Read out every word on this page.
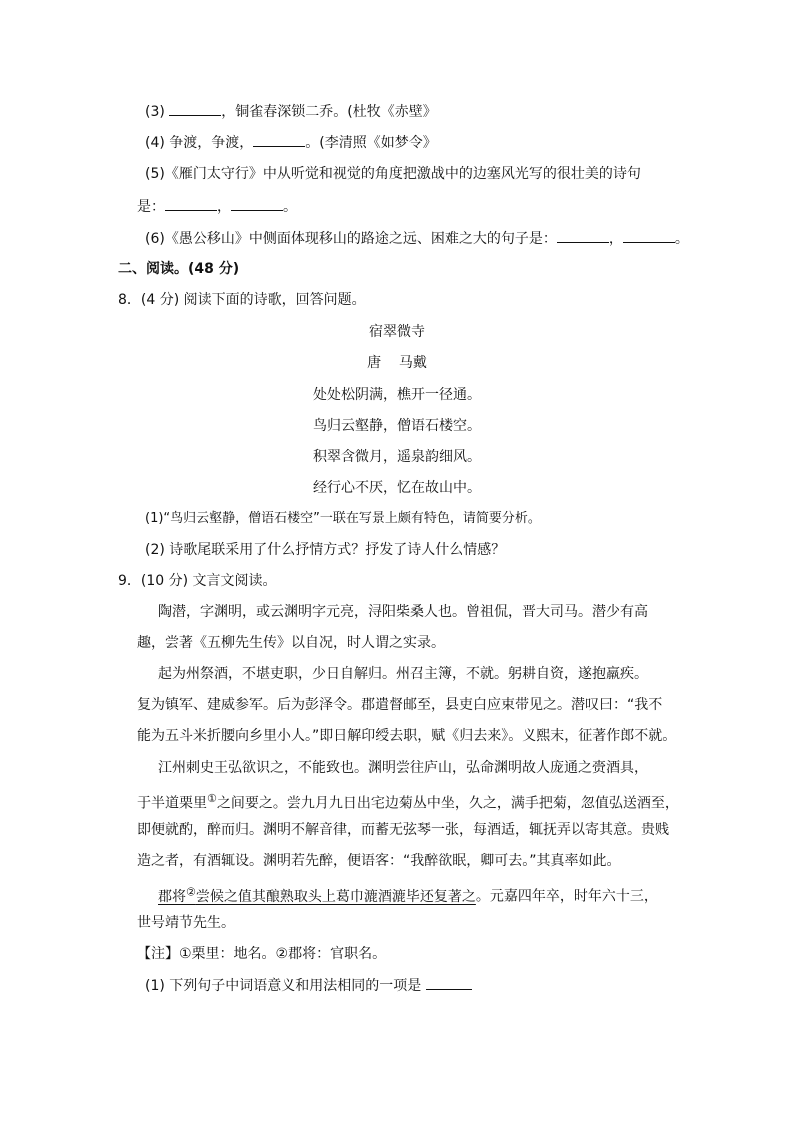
(3)	，铜雀春深锁二乔。(杜牧《赤壁》
(4) 争渡，争渡，	。(李清照《如梦令》
(5)《雁门太守行》中从听觉和视觉的角度把激战中的边塞风光写的很壮美的诗句
是：	，	。
(6)《愚公移山》中侧面体现移山的路途之远、困难之大的句子是：	，	。
二、阅读。(48 分)
8．(4 分) 阅读下面的诗歌，回答问题。
宿翠微寺
唐    马戴
处处松阴满，樵开一径通。
鸟归云壑静，僧语石楼空。
积翠含微月，遥泉韵细风。
经行心不厌，忆在故山中。
(1)“鸟归云壑静，僧语石楼空”一联在写景上颇有特色，请简要分析。
(2) 诗歌尾联采用了什么抒情方式？抒发了诗人什么情感？
9．(10 分) 文言文阅读。
陶潜，字渊明，或云渊明字元亮，浔阳柴桑人也。曾祖侃，晋大司马。潜少有高
趣，尝著《五柳先生传》以自况，时人谓之实录。
起为州祭酒，不堪吏职，少日自解归。州召主簿，不就。躬耕自资，遂抱羸疾。
复为镇军、建威参军。后为彭泽令。郡遣督邮至，县吏白应束带见之。潜叹曰：“我不
能为五斗米折腰向乡里小人。”即日解印绶去职，赋《归去来》。义熙末，征著作郎不就。
江州刺史王弘欲识之，不能致也。渊明尝往庐山，弘命渊明故人庞通之赍酒具，
于半道栗里①之间要之。尝九月九日出宅边菊丛中坐，久之，满手把菊，忽值弘送酒至，
即便就酌，醉而归。渊明不解音律，而蓄无弦琴一张，每酒适，辄抚弄以寄其意。贵贱
造之者，有酒辄设。渊明若先醉，便语客：“我醉欲眠，卿可去。”其真率如此。
郡将②尝候之值其酿熟取头上葛巾漉酒漉毕还复著之。元嘉四年卒，时年六十三，
世号靖节先生。
【注】①栗里：地名。②郡将：官职名。
(1) 下列句子中词语意义和用法相同的一项是
